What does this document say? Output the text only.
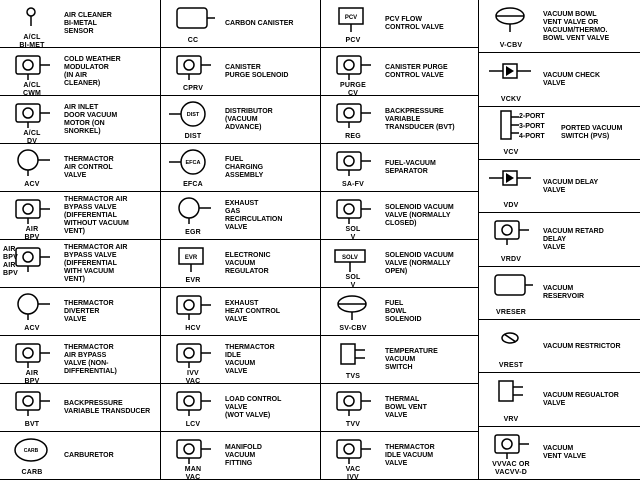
A/CL
BI-MET
AIR CLEANER
BI-METAL
SENSOR
A/CL
CWM
COLD WEATHER
MODULATOR
(IN AIR
CLEANER)
A/CL
DV
AIR INLET
DOOR VACUUM
MOTOR (ON
SNORKEL)
ACV
THERMACTOR
AIR CONTROL
VALVE
AIR
BPV
THERMACTOR AIR
BYPASS VALVE
(DIFFERENTIAL
WITHOUT VACUUM
VENT)
AIR
BPV
AIR
BPV
THERMACTOR AIR
BYPASS VALVE
(DIFFERENTIAL
WITH VACUUM
VENT)
ACV
THERMACTOR
DIVERTER
VALVE
AIR
BPV
THERMACTOR
AIR BYPASS
VALVE (NON-
DIFFERENTIAL)
BVT
BACKPRESSURE
VARIABLE TRANSDUCER
CARB
CARB
CARBURETOR
CC
CARBON CANISTER
CPRV
CANISTER
PURGE SOLENOID
DIST
DIST
DISTRIBUTOR
(VACUUM
ADVANCE)
EFCA
EFCA
FUEL
CHARGING
ASSEMBLY
EGR
EXHAUST
GAS
RECIRCULATION
VALVE
EVR
EVR
ELECTRONIC
VACUUM
REGULATOR
HCV
EXHAUST
HEAT CONTROL
VALVE
IVV
VAC
THERMACTOR
IDLE
VACUUM
VALVE
LCV
LOAD CONTROL
VALVE
(WOT VALVE)
MAN
VAC
MANIFOLD
VACUUM
FITTING
PCV
PCV
PCV FLOW
CONTROL VALVE
PURGE
CV
CANISTER PURGE
CONTROL VALVE
REG
BACKPRESSURE
VARIABLE
TRANSDUCER (BVT)
SA-FV
FUEL-VACUUM
SEPARATOR
SOL
V
SOLENOID VACUUM
VALVE (NORMALLY
CLOSED)
SOLV
SOL
V
SOLENOID VACUUM
VALVE (NORMALLY
OPEN)
SV-CBV
FUEL
BOWL
SOLENOID
TVS
TEMPERATURE
VACUUM
SWITCH
TVV
THERMAL
BOWL VENT
VALVE
VAC
IVV
THERMACTOR
IDLE VACUUM
VALVE
V-CBV
VACUUM BOWL
VENT VALVE OR
VACUUM/THERMO.
BOWL VENT VALVE
VCKV
VACUUM CHECK
VALVE
VCV
PORTED VACUUM
SWITCH (PVS)
2-PORT
3-PORT
4-PORT
VDV
VACUUM DELAY
VALVE
VRDV
VACUUM RETARD
DELAY
VALVE
VRESER
VACUUM
RESERVOIR
VREST
VACUUM RESTRICTOR
VRV
VACUUM REGUALTOR
VALVE
VVVAC OR
VACVV-D
VACUUM
VENT VALVE
